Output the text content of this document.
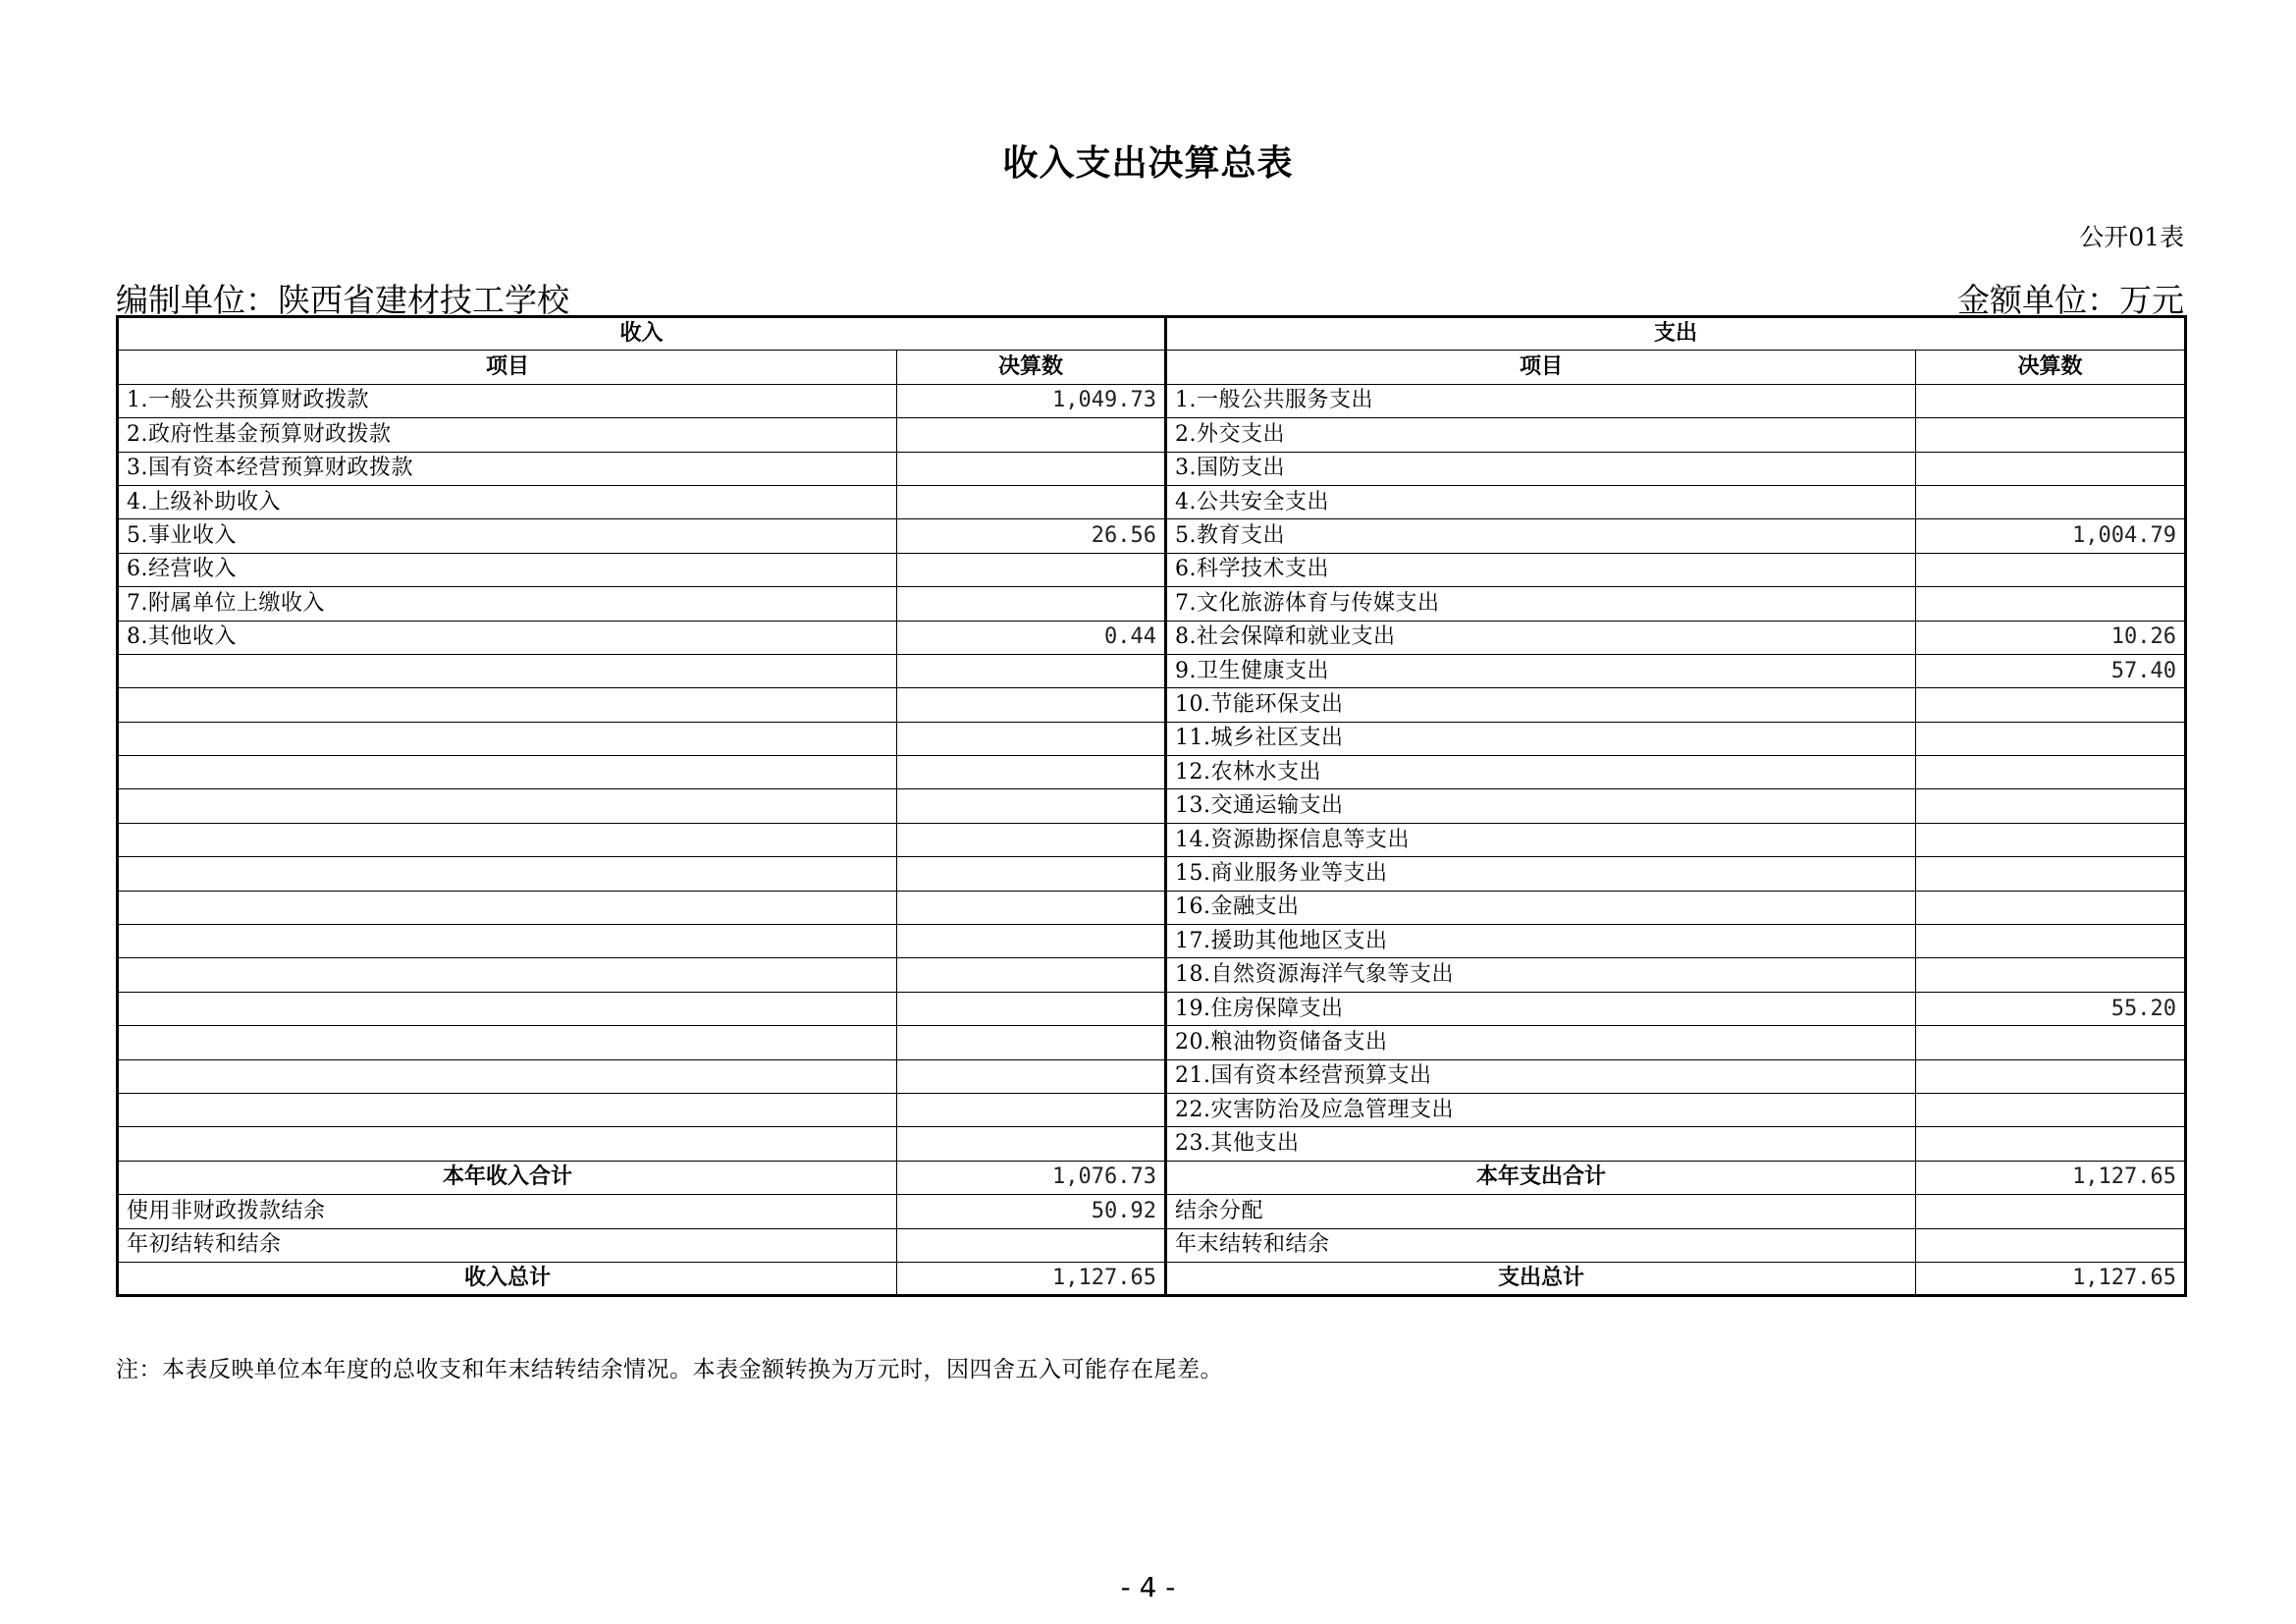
收入支出决算总表
公开01表
编制单位：陕西省建材技工学校	金额单位：万元
收入		支出	
项目	决算数	项目	决算数
1.一般公共预算财政拨款	1,049.73	1.一般公共服务支出	
2.政府性基金预算财政拨款		2.外交支出	
3.国有资本经营预算财政拨款		3.国防支出	
4.上级补助收入		4.公共安全支出	
5.事业收入	26.56	5.教育支出	1,004.79
6.经营收入		6.科学技术支出	
7.附属单位上缴收入		7.文化旅游体育与传媒支出	
8.其他收入	0.44	8.社会保障和就业支出	10.26
		9.卫生健康支出	57.40
		10.节能环保支出	
		11.城乡社区支出	
		12.农林水支出	
		13.交通运输支出	
		14.资源勘探信息等支出	
		15.商业服务业等支出	
		16.金融支出	
		17.援助其他地区支出	
		18.自然资源海洋气象等支出	
		19.住房保障支出	55.20
		20.粮油物资储备支出	
		21.国有资本经营预算支出	
		22.灾害防治及应急管理支出	
		23.其他支出	
本年收入合计	1,076.73	本年支出合计	1,127.65
使用非财政拨款结余	50.92	结余分配	
年初结转和结余		年末结转和结余	
收入总计	1,127.65	支出总计	1,127.65
注：本表反映单位本年度的总收支和年末结转结余情况。本表金额转换为万元时，因四舍五入可能存在尾差。
- 4 -
